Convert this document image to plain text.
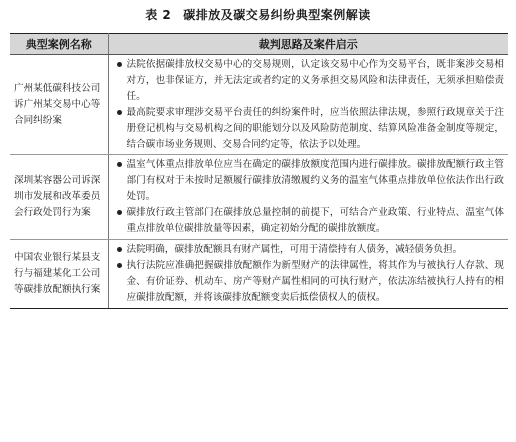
表 2 碳排放及碳交易纠纷典型案例解读
典型案例名称	裁判思路及案件启示
广州某低碳科技公司诉广州某交易中心等合同纠纷案	法院依据碳排放权交易中心的交易规则，认定该交易中心作为交易平台，既非案涉交易相对方，也非保证方，并无法定或者约定的义务承担交易风险和法律责任，无须承担赔偿责任。
最高院要求审理涉交易平台责任的纠纷案件时，应当依照法律法规，参照行政规章关于注册登记机构与交易机构之间的职能划分以及风险防范制度、结算风险准备金制度等规定，结合碳市场业务规则、交易合同约定等，依法予以处理。

深圳某容器公司诉深圳市发展和改革委员会行政处罚行为案	温室气体重点排放单位应当在确定的碳排放额度范围内进行碳排放。碳排放配额行政主管部门有权对于未按时足额履行碳排放清缴履约义务的温室气体重点排放单位依法作出行政处罚。
碳排放行政主管部门在碳排放总量控制的前提下，可结合产业政策、行业特点、温室气体重点排放单位碳排放量等因素，确定初始分配的碳排放额度。

中国农业银行某县支行与福建某化工公司等碳排放配额执行案	法院明确，碳排放配额具有财产属性，可用于清偿持有人债务，减轻债务负担。
执行法院应准确把握碳排放配额作为新型财产的法律属性，将其作为与被执行人存款、现金、有价证券、机动车、房产等财产属性相同的可执行财产，依法冻结被执行人持有的相应碳排放配额，并将该碳排放配额变卖后抵偿债权人的债权。
